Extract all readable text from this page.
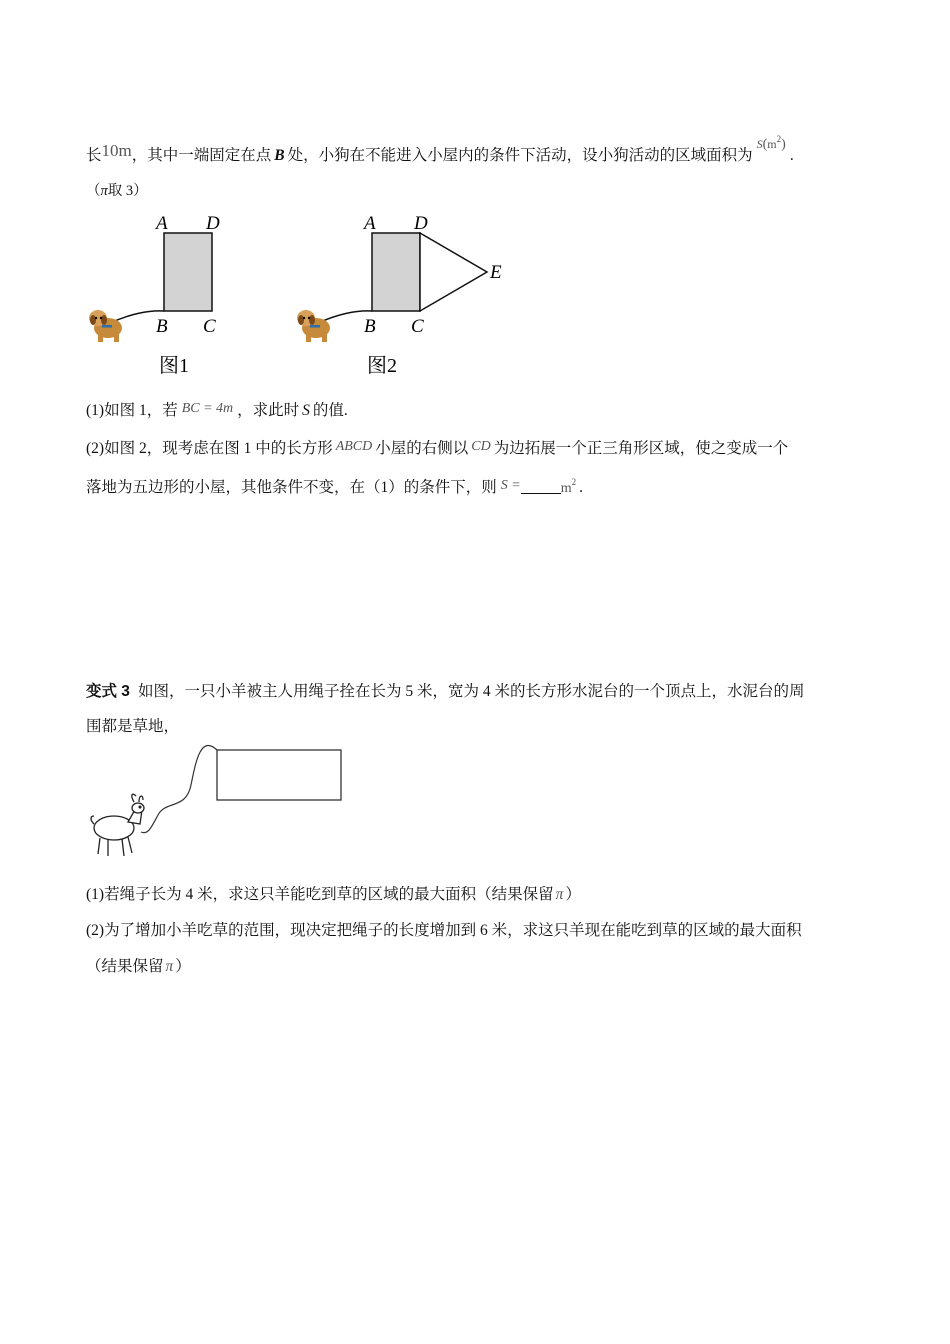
长10m，其中一端固定在点 B 处，小狗在不能进入小屋内的条件下活动，设小狗活动的区域面积为$^S$($^{m2}$).
（π取 3）
A D
B C
图1
A D
E
B C
图2
(1)如图 1，若 BC = 4m ，求此时 S 的值.
(2)如图 2，现考虑在图 1 中的长方形 ABCD 小屋的右侧以 CD 为边拓展一个正三角形区域，使之变成一个
落地为五边形的小屋，其他条件不变，在（1）的条件下，则 S =	$m^2$ .
变式 3 如图，一只小羊被主人用绳子拴在长为 5 米，宽为 4 米的长方形水泥台的一个顶点上，水泥台的周
围都是草地，
(1)若绳子长为 4 米，求这只羊能吃到草的区域的最大面积（结果保留 π ）
(2)为了增加小羊吃草的范围，现决定把绳子的长度增加到 6 米，求这只羊现在能吃到草的区域的最大面积
（结果保留 π ）
